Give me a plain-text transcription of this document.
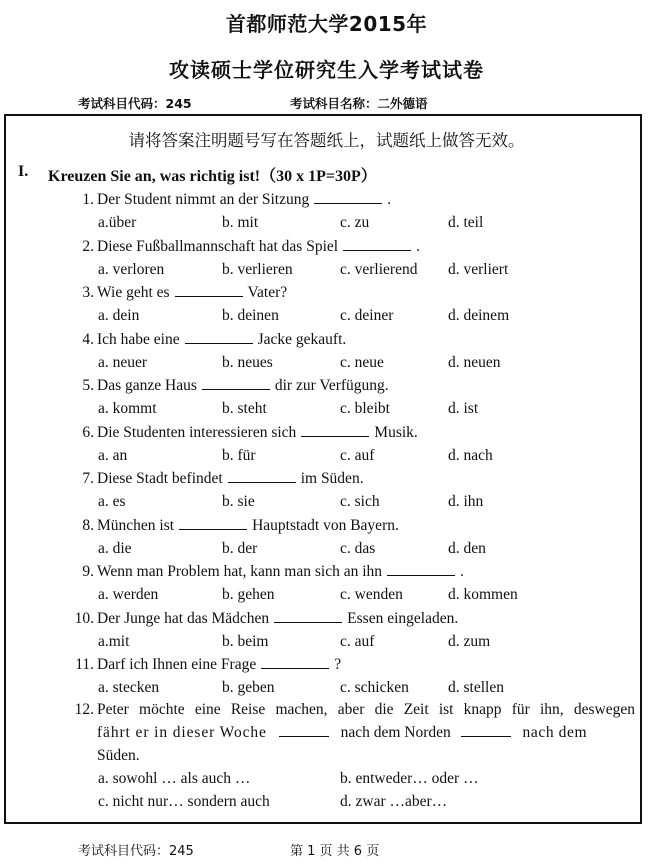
首都师范大学2015年
攻读硕士学位研究生入学考试试卷
考试科目代码：245	考试科目名称：二外德语
请将答案注明题号写在答题纸上，试题纸上做答无效。
I. Kreuzen Sie an, was richtig ist!（30 x 1P=30P）
1. Der Student nimmt an der Sitzung	.
a.über	b. mit	c. zu	d. teil
2. Diese Fußballmannschaft hat das Spiel	.
a. verloren	b. verlieren	c. verlierend d. verliert
3. Wie geht es	Vater?
a. dein	b. deinen	c. deiner	d. deinem
4. Ich habe eine	Jacke gekauft.
a. neuer	b. neues	c. neue	d. neuen
5. Das ganze Haus	dir zur Verfügung.
a. kommt	b. steht	c. bleibt	d. ist
6. Die Studenten interessieren sich	Musik.
a. an	b. für	c. auf	d. nach
7. Diese Stadt befindet	im Süden.
a. es	b. sie	c. sich	d. ihn
8. München ist	Hauptstadt von Bayern.
a. die	b. der	c. das	d. den
9. Wenn man Problem hat, kann man sich an ihn	.
a. werden	b. gehen	c. wenden	d. kommen
10. Der Junge hat das Mädchen	Essen eingeladen.
a.mit	b. beim	c. auf	d. zum
11. Darf ich Ihnen eine Frage	?
a. stecken	b. geben	c. schicken	d. stellen
12. Peter möchte eine Reise machen, aber die Zeit ist knapp für ihn, deswegen
fährt er in dieser Woche	nach dem Norden	nach dem
Süden.
a. sowohl … als auch …	b. entweder… oder …
c. nicht nur… sondern auch	d. zwar …aber…
考试科目代码：245	第 1 页 共 6 页
